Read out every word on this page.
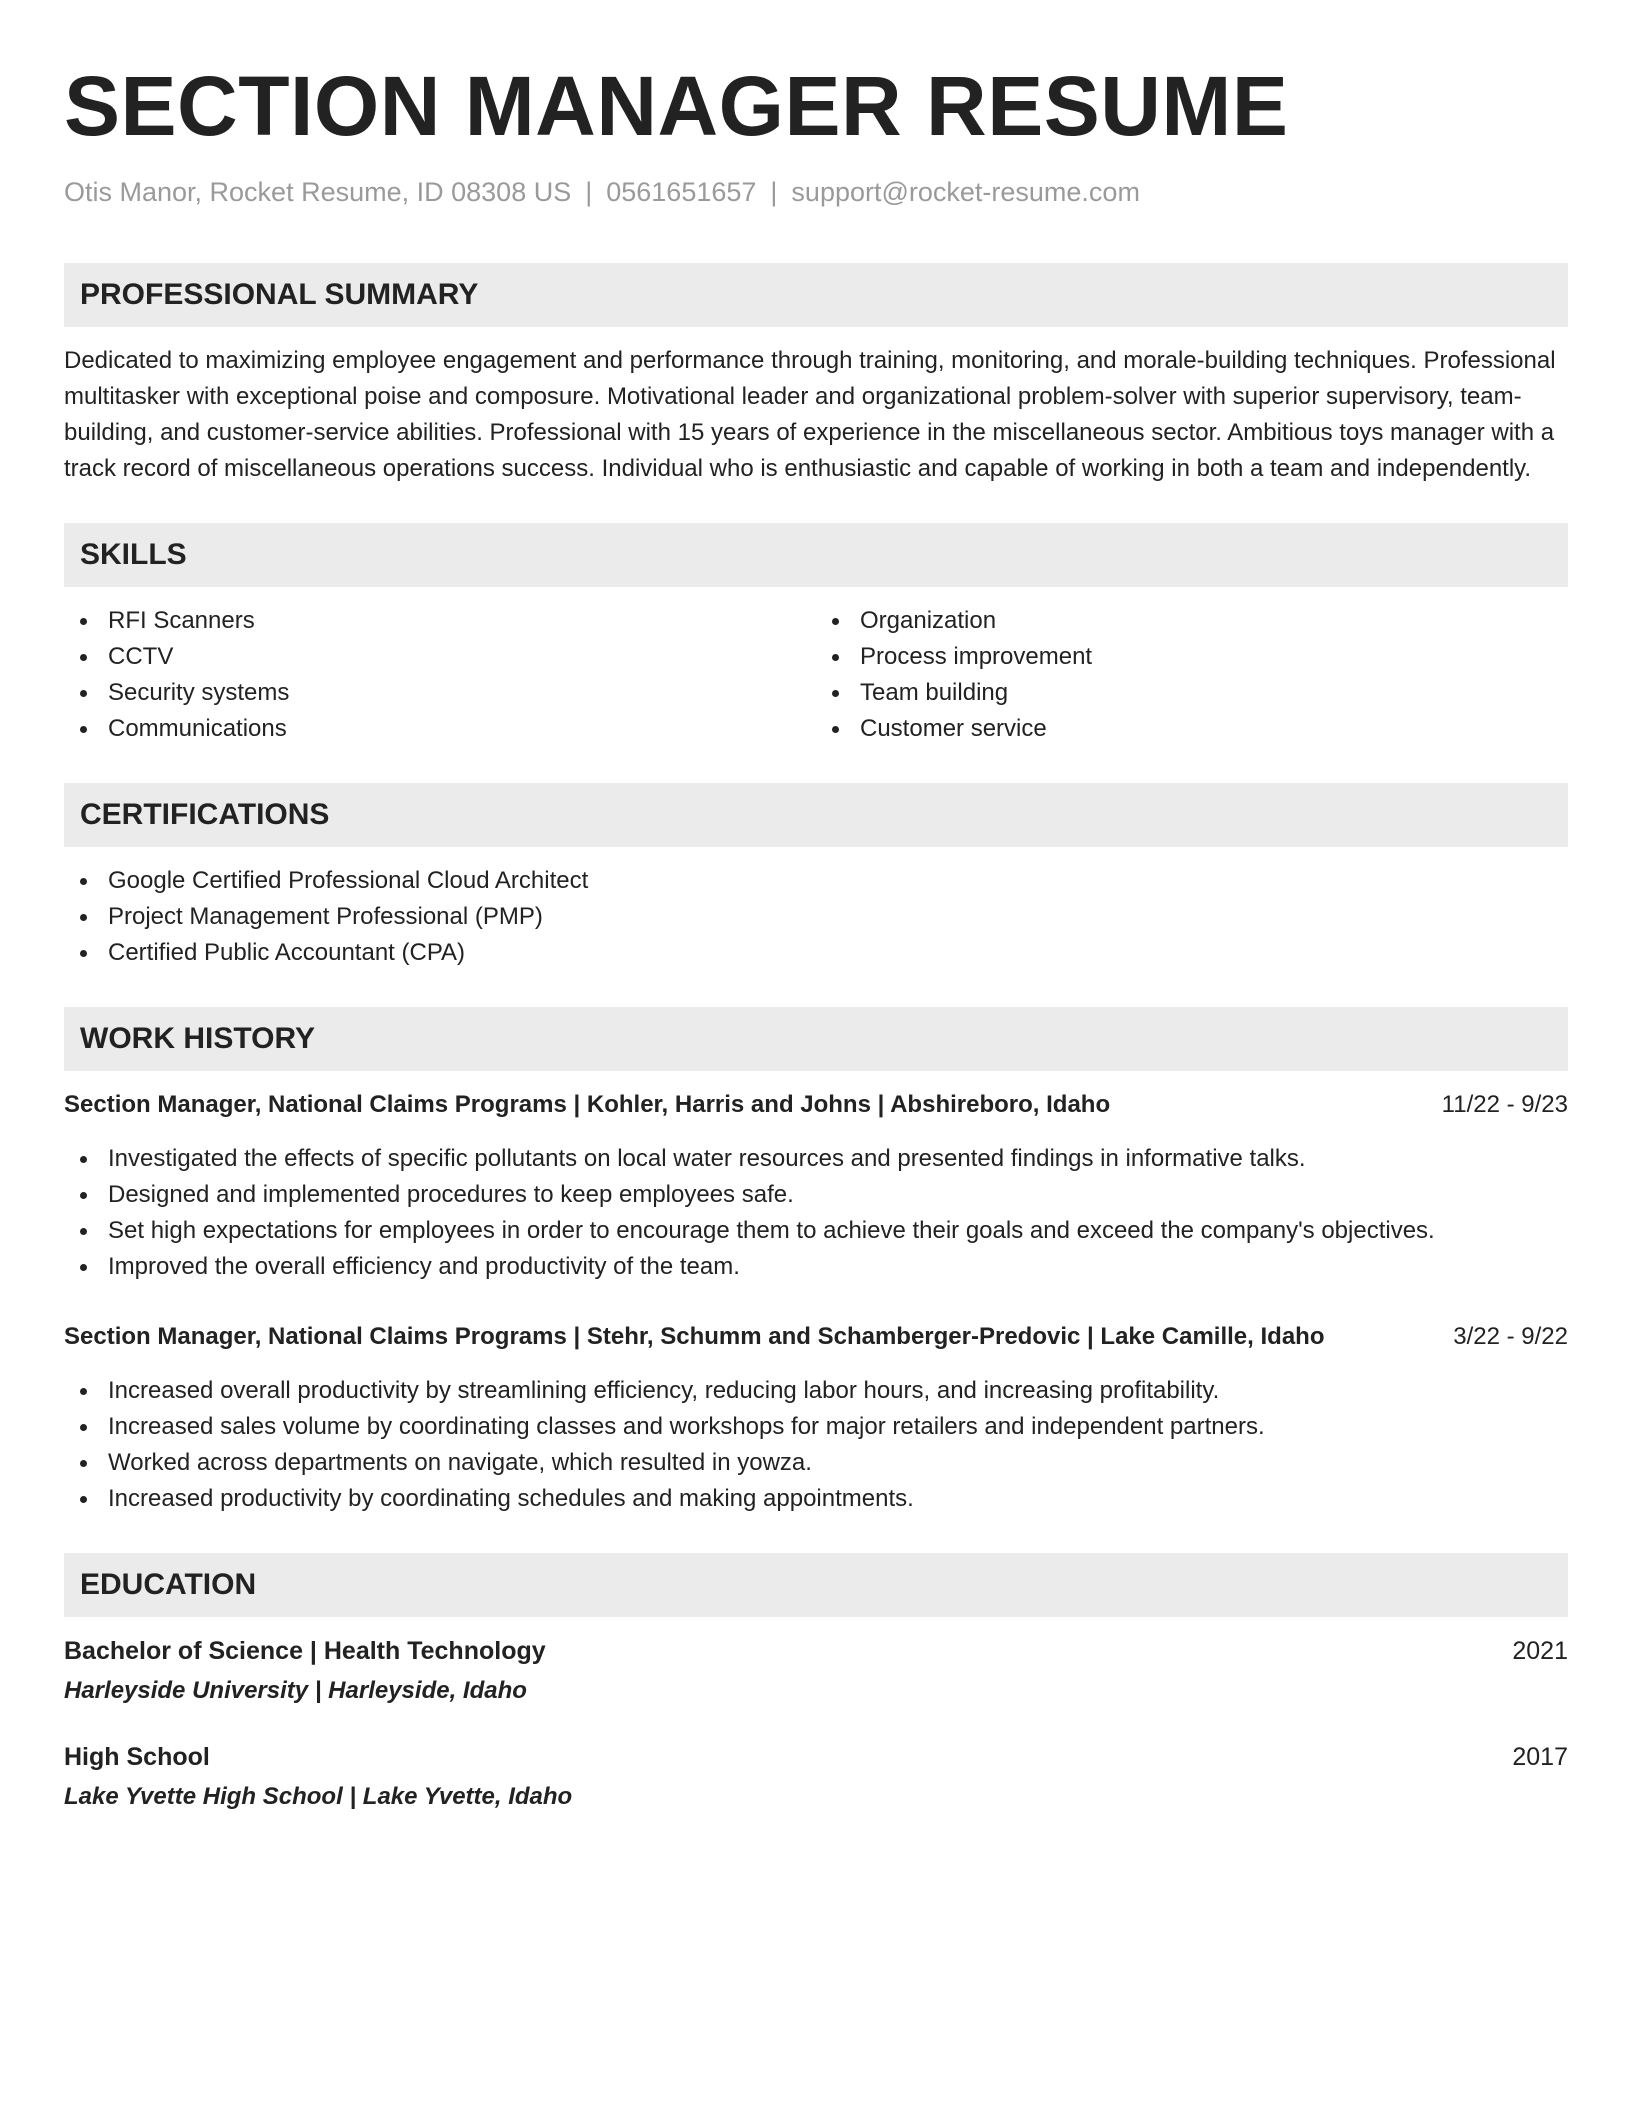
SECTION MANAGER RESUME
Otis Manor, Rocket Resume, ID 08308 US | 0561651657 | support@rocket-resume.com
PROFESSIONAL SUMMARY
Dedicated to maximizing employee engagement and performance through training, monitoring, and morale-building techniques. Professional multitasker with exceptional poise and composure. Motivational leader and organizational problem-solver with superior supervisory, team-building, and customer-service abilities. Professional with 15 years of experience in the miscellaneous sector. Ambitious toys manager with a track record of miscellaneous operations success. Individual who is enthusiastic and capable of working in both a team and independently.
SKILLS
RFI Scanners
CCTV
Security systems
Communications
Organization
Process improvement
Team building
Customer service
CERTIFICATIONS
Google Certified Professional Cloud Architect
Project Management Professional (PMP)
Certified Public Accountant (CPA)
WORK HISTORY
Section Manager, National Claims Programs | Kohler, Harris and Johns | Abshireboro, Idaho	11/22 - 9/23
Investigated the effects of specific pollutants on local water resources and presented findings in informative talks.
Designed and implemented procedures to keep employees safe.
Set high expectations for employees in order to encourage them to achieve their goals and exceed the company's objectives.
Improved the overall efficiency and productivity of the team.
Section Manager, National Claims Programs | Stehr, Schumm and Schamberger-Predovic | Lake Camille, Idaho	3/22 - 9/22
Increased overall productivity by streamlining efficiency, reducing labor hours, and increasing profitability.
Increased sales volume by coordinating classes and workshops for major retailers and independent partners.
Worked across departments on navigate, which resulted in yowza.
Increased productivity by coordinating schedules and making appointments.
EDUCATION
Bachelor of Science | Health Technology	2021
Harleyside University | Harleyside, Idaho
High School	2017
Lake Yvette High School | Lake Yvette, Idaho
